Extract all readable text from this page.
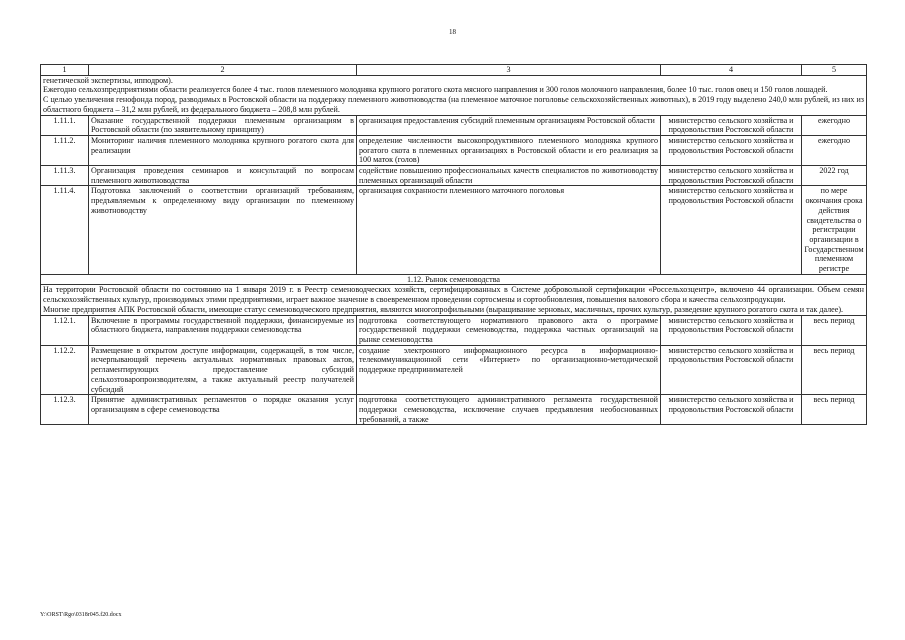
18
1	2	3	4	5

генетической экспертизы, ипподром).

Ежегодно сельхозпредприятиями области реализуется более 4 тыс. голов племенного молодняка крупного рогатого скота мясного направления и 300 голов молочного направления, более 10 тыс. голов овец и 150 голов лошадей.

С целью увеличения генофонда пород, разводимых в Ростовской области на поддержку племенного животноводства (на племенное маточное поголовье сельскохозяйственных животных), в 2019 году выделено 240,0 млн рублей, из них из областного бюджета – 31,2 млн рублей, из федерального бюджета – 208,8 млн рублей.				

1.11.1.	Оказание государственной поддержки племенным организациям в Ростовской области (по заявительному принципу)	организация предоставления субсидий племенным организациям Ростовской области	министерство сельского хозяйства и продовольствия Ростовской области	ежегодно
1.11.2.	Мониторинг наличия племенного молодняка крупного рогатого скота для реализации	определение численности высокопродуктивного племенного молодняка крупного рогатого скота в племенных организациях в Ростовской области и его реализация за 100 маток (голов)	министерство сельского хозяйства и продовольствия Ростовской области	ежегодно
1.11.3.	Организация проведения семинаров и консультаций по вопросам племенного животноводства	содействие повышению профессиональных качеств специалистов по животноводству племенных организаций области	министерство сельского хозяйства и продовольствия Ростовской области	2022 год
1.11.4.	Подготовка заключений о соответствии организаций требованиям, предъявляемым к определенному виду организации по племенному животноводству	организация сохранности племенного маточного поголовья	министерство сельского хозяйства и продовольствия Ростовской области	по мере окончания срока действия свидетельства о регистрации организации в Государственном племенном регистре
1.12. Рынок семеноводства				

На территории Ростовской области по состоянию на 1 января 2019 г. в Реестр семеноводческих хозяйств, сертифицированных в Системе добровольной сертификации «Россельхозцентр», включено 44 организации. Объем семян сельскохозяйственных культур, производимых этими предприятиями, играет важное значение в своевременном проведении сортосмены и сортообновления, повышения валового сбора и качества сельхозпродукции.

Многие предприятия АПК Ростовской области, имеющие статус семеноводческого предприятия, являются многопрофильными (выращивание зерновых, масличных, прочих культур, разведение крупного рогатого скота и так далее).				

1.12.1.	Включение в программы государственной поддержки, финансируемые из областного бюджета, направления поддержки семеноводства	подготовка соответствующего нормативного правового акта о программе государственной поддержки семеноводства, поддержка частных организаций на рынке семеноводства	министерство сельского хозяйства и продовольствия Ростовской области	весь период
1.12.2.	Размещение в открытом доступе информации, содержащей, в том числе, исчерпывающий перечень актуальных нормативных правовых актов, регламентирующих предоставление субсидий сельхозтоваропроизводителям, а также актуальный реестр получателей субсидий	создание электронного информационного ресурса в информационно-телекоммуникационной сети «Интернет» по организационно-методической поддержке предпринимателей	министерство сельского хозяйства и продовольствия Ростовской области	весь период
1.12.3.	Принятие административных регламентов о порядке оказания услуг организациям в сфере семеноводства	подготовка соответствующего административного регламента государственной поддержки семеноводства, исключение случаев предъявления необоснованных требований, а также	министерство сельского хозяйства и продовольствия Ростовской области	весь период
Y:\ORST\Rgo\0318r045.f20.docx
